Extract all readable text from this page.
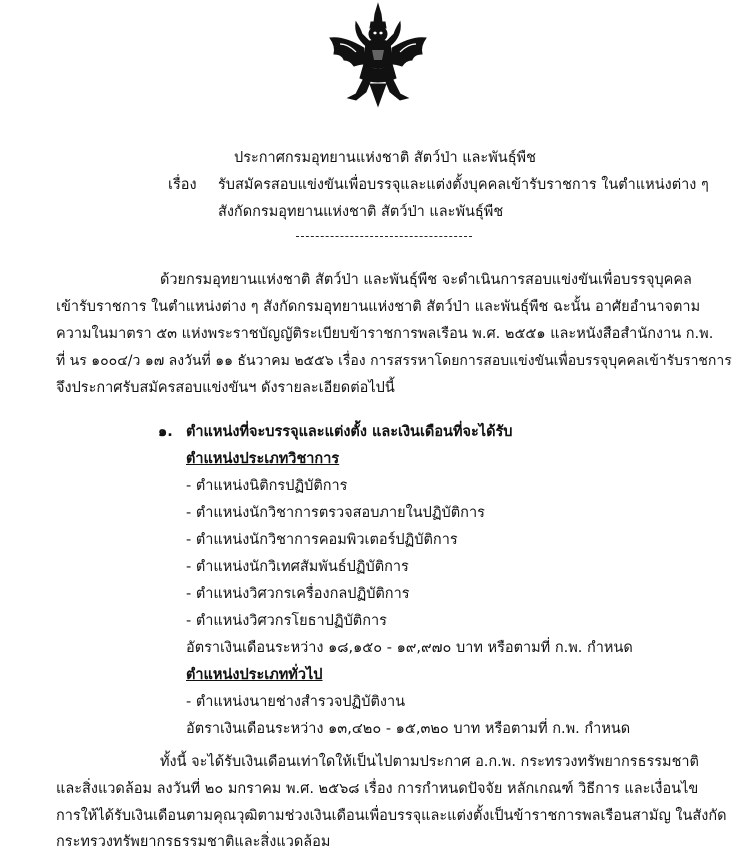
ประกาศกรมอุทยานแห่งชาติ สัตว์ป่า และพันธุ์พืช
เรื่อง รับสมัครสอบแข่งขันเพื่อบรรจุและแต่งตั้งบุคคลเข้ารับราชการ ในตำแหน่งต่าง ๆ
สังกัดกรมอุทยานแห่งชาติ สัตว์ป่า และพันธุ์พืช
ด้วยกรมอุทยานแห่งชาติ สัตว์ป่า และพันธุ์พืช จะดำเนินการสอบแข่งขันเพื่อบรรจุบุคคล
เข้ารับราชการ ในตำแหน่งต่าง ๆ สังกัดกรมอุทยานแห่งชาติ สัตว์ป่า และพันธุ์พืช ฉะนั้น อาศัยอำนาจตาม
ความในมาตรา ๕๓ แห่งพระราชบัญญัติระเบียบข้าราชการพลเรือน พ.ศ. ๒๕๕๑ และหนังสือสำนักงาน ก.พ.
ที่ นร ๑๐๐๔/ว ๑๗ ลงวันที่ ๑๑ ธันวาคม ๒๕๕๖ เรื่อง การสรรหาโดยการสอบแข่งขันเพื่อบรรจุบุคคลเข้ารับราชการ
จึงประกาศรับสมัครสอบแข่งขันฯ ดังรายละเอียดต่อไปนี้
๑. ตำแหน่งที่จะบรรจุและแต่งตั้ง และเงินเดือนที่จะได้รับ
ตำแหน่งประเภทวิชาการ
- ตำแหน่งนิติกรปฏิบัติการ
- ตำแหน่งนักวิชาการตรวจสอบภายในปฏิบัติการ
- ตำแหน่งนักวิชาการคอมพิวเตอร์ปฏิบัติการ
- ตำแหน่งนักวิเทศสัมพันธ์ปฏิบัติการ
- ตำแหน่งวิศวกรเครื่องกลปฏิบัติการ
- ตำแหน่งวิศวกรโยธาปฏิบัติการ
อัตราเงินเดือนระหว่าง ๑๘,๑๕๐ - ๑๙,๙๗๐ บาท หรือตามที่ ก.พ. กำหนด
ตำแหน่งประเภททั่วไป
- ตำแหน่งนายช่างสำรวจปฏิบัติงาน
อัตราเงินเดือนระหว่าง ๑๓,๔๒๐ - ๑๕,๓๒๐ บาท หรือตามที่ ก.พ. กำหนด
ทั้งนี้ จะได้รับเงินเดือนเท่าใดให้เป็นไปตามประกาศ อ.ก.พ. กระทรวงทรัพยากรธรรมชาติ
และสิ่งแวดล้อม ลงวันที่ ๒๐ มกราคม พ.ศ. ๒๕๖๘ เรื่อง การกำหนดปัจจัย หลักเกณฑ์ วิธีการ และเงื่อนไข
การให้ได้รับเงินเดือนตามคุณวุฒิตามช่วงเงินเดือนเพื่อบรรจุและแต่งตั้งเป็นข้าราชการพลเรือนสามัญ ในสังกัด
กระทรวงทรัพยากรธรรมชาติและสิ่งแวดล้อม
